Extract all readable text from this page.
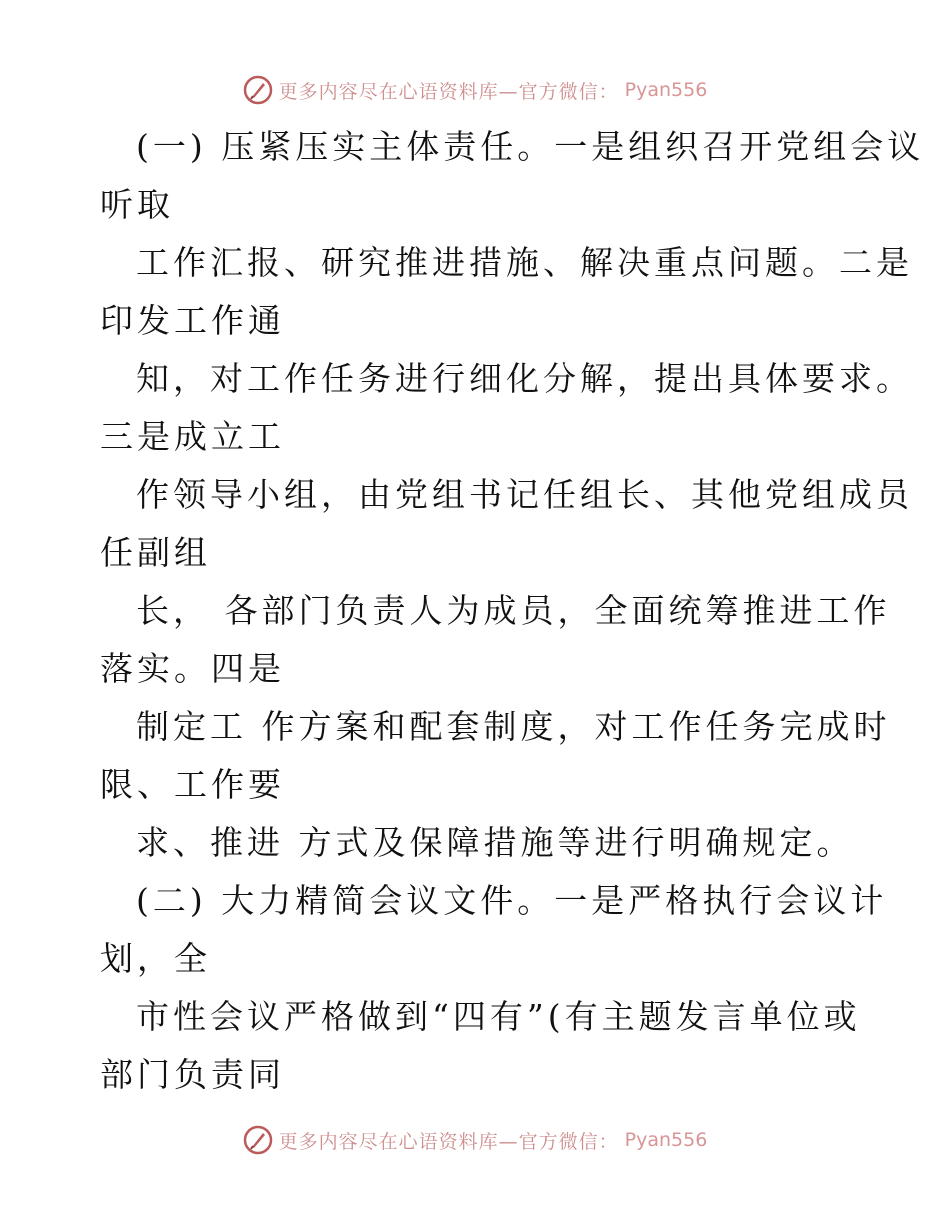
更多内容尽在心语资料库—官方微信： Pyan556
(一) 压紧压实主体责任。一是组织召开党组会议
听取
工作汇报、研究推进措施、解决重点问题。二是
印发工作通
知，对工作任务进行细化分解，提出具体要求。
三是成立工
作领导小组，由党组书记任组长、其他党组成员
任副组
长， 各部门负责人为成员，全面统筹推进工作
落实。四是
制定工 作方案和配套制度，对工作任务完成时
限、工作要
求、推进 方式及保障措施等进行明确规定。
(二) 大力精简会议文件。一是严格执行会议计
划，全
市性会议严格做到“四有”(有主题发言单位或
部门负责同
更多内容尽在心语资料库—官方微信： Pyan556
